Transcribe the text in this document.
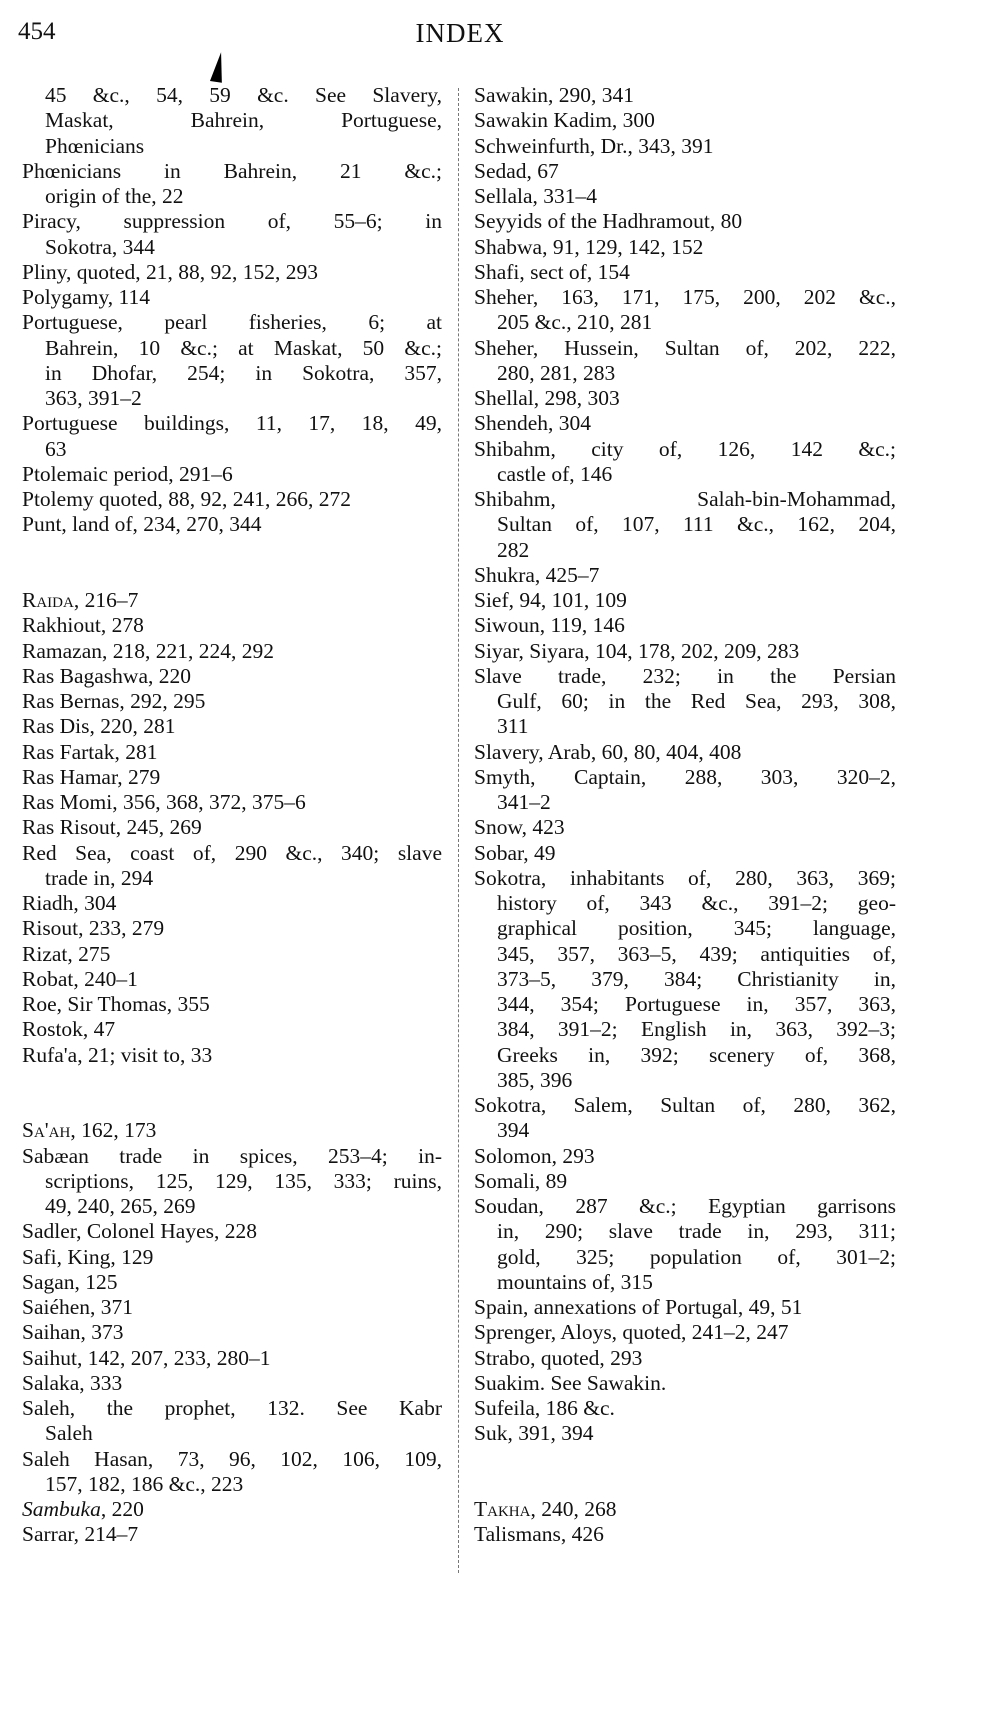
454	INDEX
45 &c., 54, 59 &c. See Slavery,
Maskat, Bahrein, Portuguese,
Phœnicians
Phœnicians in Bahrein, 21 &c.;
origin of the, 22
Piracy, suppression of, 55–6; in
Sokotra, 344
Pliny, quoted, 21, 88, 92, 152, 293
Polygamy, 114
Portuguese, pearl fisheries, 6; at
Bahrein, 10 &c.; at Maskat, 50 &c.;
in Dhofar, 254; in Sokotra, 357,
363, 391–2
Portuguese buildings, 11, 17, 18, 49,
63
Ptolemaic period, 291–6
Ptolemy quoted, 88, 92, 241, 266, 272
Punt, land of, 234, 270, 344
Raida, 216–7
Rakhiout, 278
Ramazan, 218, 221, 224, 292
Ras Bagashwa, 220
Ras Bernas, 292, 295
Ras Dis, 220, 281
Ras Fartak, 281
Ras Hamar, 279
Ras Momi, 356, 368, 372, 375–6
Ras Risout, 245, 269
Red Sea, coast of, 290 &c., 340; slave
trade in, 294
Riadh, 304
Risout, 233, 279
Rizat, 275
Robat, 240–1
Roe, Sir Thomas, 355
Rostok, 47
Rufa'a, 21; visit to, 33
Sa'ah, 162, 173
Sabæan trade in spices, 253–4; in-
scriptions, 125, 129, 135, 333; ruins,
49, 240, 265, 269
Sadler, Colonel Hayes, 228
Safi, King, 129
Sagan, 125
Saiéhen, 371
Saihan, 373
Saihut, 142, 207, 233, 280–1
Salaka, 333
Saleh, the prophet, 132. See Kabr
Saleh
Saleh Hasan, 73, 96, 102, 106, 109,
157, 182, 186 &c., 223
Sambuka, 220
Sarrar, 214–7
Sawakin, 290, 341
Sawakin Kadim, 300
Schweinfurth, Dr., 343, 391
Sedad, 67
Sellala, 331–4
Seyyids of the Hadhramout, 80
Shabwa, 91, 129, 142, 152
Shafi, sect of, 154
Sheher, 163, 171, 175, 200, 202 &c.,
205 &c., 210, 281
Sheher, Hussein, Sultan of, 202, 222,
280, 281, 283
Shellal, 298, 303
Shendeh, 304
Shibahm, city of, 126, 142 &c.;
castle of, 146
Shibahm, Salah-bin-Mohammad,
Sultan of, 107, 111 &c., 162, 204,
282
Shukra, 425–7
Sief, 94, 101, 109
Siwoun, 119, 146
Siyar, Siyara, 104, 178, 202, 209, 283
Slave trade, 232; in the Persian
Gulf, 60; in the Red Sea, 293, 308,
311
Slavery, Arab, 60, 80, 404, 408
Smyth, Captain, 288, 303, 320–2,
341–2
Snow, 423
Sobar, 49
Sokotra, inhabitants of, 280, 363, 369;
history of, 343 &c., 391–2; geo-
graphical position, 345; language,
345, 357, 363–5, 439; antiquities of,
373–5, 379, 384; Christianity in,
344, 354; Portuguese in, 357, 363,
384, 391–2; English in, 363, 392–3;
Greeks in, 392; scenery of, 368,
385, 396
Sokotra, Salem, Sultan of, 280, 362,
394
Solomon, 293
Somali, 89
Soudan, 287 &c.; Egyptian garrisons
in, 290; slave trade in, 293, 311;
gold, 325; population of, 301–2;
mountains of, 315
Spain, annexations of Portugal, 49, 51
Sprenger, Aloys, quoted, 241–2, 247
Strabo, quoted, 293
Suakim. See Sawakin.
Sufeila, 186 &c.
Suk, 391, 394
Takha, 240, 268
Talismans, 426
